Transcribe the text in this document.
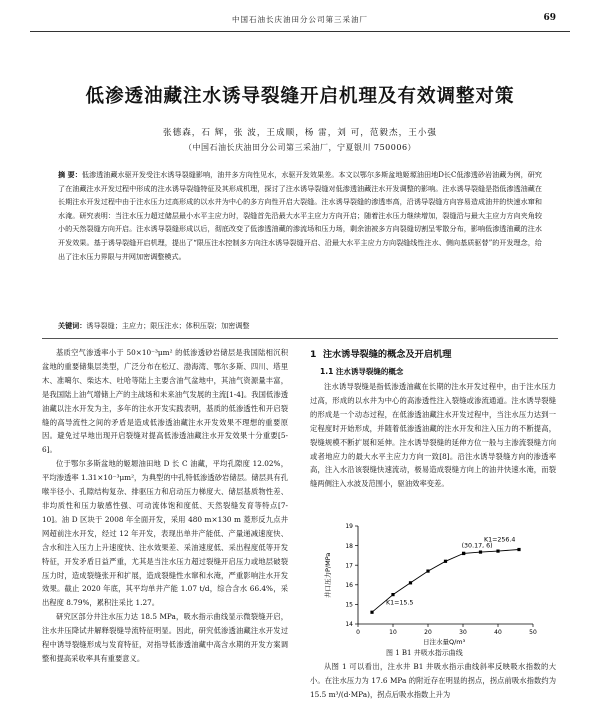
中国石油长庆油田分公司第三采油厂	69
低渗透油藏注水诱导裂缝开启机理及有效调整对策
张德森，石 辉，张 波，王成顺，杨 雷，刘 可，范毅杰，王小强
（中国石油长庆油田分公司第三采油厂，宁夏银川 750006）
摘 要：低渗透油藏水驱开发受注水诱导裂缝影响，油井多方向性见水，水驱开发效果差。本文以鄂尔多斯盆地姬塬油田地D长C低渗透砂岩油藏为例，研究了在油藏注水开发过程中形成的注水诱导裂缝特征及其形成机理，探讨了注水诱导裂缝对低渗透油藏注水开发调整的影响。注水诱导裂缝是指低渗透油藏在长期注水开发过程中由于注水压力过高形成的以水井为中心的多方向性开启大裂缝。注水诱导裂缝的渗透率高，沿诱导裂缝方向容易造成油井的快速水窜和水淹。研究表明：当注水压力超过储层最小水平主应力时，裂缝首先沿最大水平主应力方向开启；随着注水压力继续增加，裂缝沿与最大主应力方向夹角较小的天然裂缝方向开启。注水诱导裂缝形成以后，彻底改变了低渗透油藏的渗流场和压力场，剩余油被多方向裂缝切割呈零散分布，影响低渗透油藏的注水开发效果。基于诱导裂缝开启机理，提出了“限压注水控制多方向注水诱导裂缝开启、沿最大水平主应力方向裂缝线性注水、侧向基质驱替”的开发理念，给出了注水压力界限与井网加密调整模式。
关键词：诱导裂缝；主应力；限压注水；体积压裂；加密调整

基质空气渗透率小于 50×10⁻³μm² 的低渗透砂岩储层是我国陆相沉积盆地的重要储集层类型，广泛分布在松辽、渤海湾、鄂尔多斯、四川、塔里木、准噶尔、柴达木、吐哈等陆上主要含油气盆地中，其油气资源量丰富，是我国陆上油气增储上产的主战场和未来油气发展的主流[1-4]。我国低渗透油藏以注水开发为主，多年的注水开发实践表明，基质的低渗透性和开启裂缝的高导流性之间的矛盾是造成低渗透油藏注水开发效果不理想的重要原因。避免过早地出现开启裂缝对提高低渗透油藏注水开发效果十分重要[5-6]。

位于鄂尔多斯盆地的姬塬油田地 D 长 C 油藏，平均孔隙度 12.02%，平均渗透率 1.31×10⁻³μm²，为典型的中孔特低渗透砂岩储层。储层具有孔喉半径小、孔隙结构复杂、排驱压力和启动压力梯度大、储层基质物性差、非均质性和压力敏感性强、可动流体饱和度低、天然裂缝发育等特点[7-10]。油 D 区块于 2008 年全面开发，采用 480 m×130 m 菱形反九点井网超前注水开发，经过 12 年开发，表现出单井产能低、产量递减速度快、含水和注入压力上升速度快、注水效果差、采油速度低、采出程度低等开发特征，开发矛盾日益严重，尤其是当注水压力超过裂缝开启压力或地层破裂压力时，造成裂缝张开和扩展，造成裂缝性水窜和水淹，严重影响注水开发效果。截止 2020 年底，其平均单井产能 1.07 t/d，综合含水 66.4%，采出程度 8.79%，累积注采比 1.27。

研究区部分井注水压力达 18.5 MPa，吸水指示曲线显示微裂缝开启，注水井压降试井解释裂缝导流特征明显。因此，研究低渗透油藏注水开发过程中诱导裂缝形成与发育特征，对指导低渗透油藏中高含水期的开发方案调整和提高采收率具有重要意义。

1 注水诱导裂缝的概念及开启机理
1.1 注水诱导裂缝的概念

注水诱导裂缝是指低渗透油藏在长期的注水开发过程中，由于注水压力过高，形成的以水井为中心的高渗透性注入裂缝或渗流通道。注水诱导裂缝的形成是一个动态过程，在低渗透油藏注水开发过程中，当注水压力达到一定程度时开始形成，并随着低渗透油藏的注水开发和注入压力的不断提高，裂缝规模不断扩展和延伸。注水诱导裂缝的延伸方位一般与主渗流裂缝方向或者地应力的最大水平主应力方向一致[8]。沿注水诱导裂缝方向的渗透率高，注入水沿该裂缝快速流动，极易造成裂缝方向上的油井快速水淹，而裂缝两侧注入水波及范围小，驱油效率变差。

14
15
16
17
18
19
0	10	20	30	40	50
K1=15.5
K1=256.4
(30.17, 6)
井口压力P/MPa
日注水量Q/m³
图 1 B1 井吸水指示曲线

从图 1 可以看出，注水井 B1 井吸水指示曲线斜率反映吸水指数的大小。在注水压力为 17.6 MPa 的附近存在明显的拐点，拐点前吸水指数约为 15.5 m³/(d·MPa)，拐点后吸水指数上升为
